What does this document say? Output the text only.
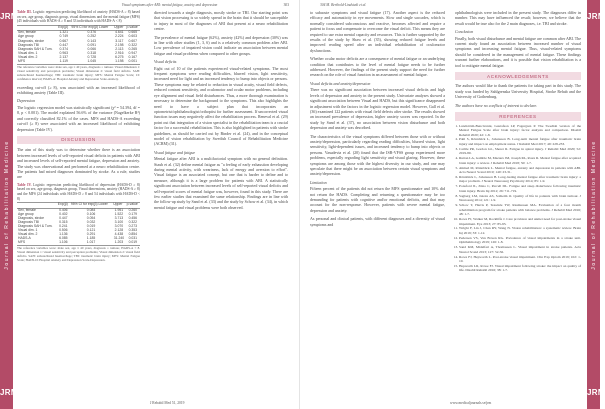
JRM
Journal of Rehabilitation Medicine
JRM
Visual symptoms after ABI: mental fatigue, anxiety and depression	303
Table III. Logistic regression predicting likelihood of anxiety (HADS-A ≥ 8) based on sex, age group, diagnosis group, visual dimensions and the mental fatigue (MFS) (45 individuals with HADS-A ≥ 8 and 33 individuals with HADS-A < 8)
	Exp(β)	95% CI for exp(β) Lower	Upper	p-value
Sex, female	1.321	0.376	4.641	0.665
Age group	0.749	0.252	2.224	0.603
Diagnosis, stroke	0.667	0.143	3.117	0.607
Diagnosis TBI	0.447	0.091	2.198	0.322
Diagnosis SAH & Tum.	0.374	0.066	2.113	0.265
Visual dim. 1	0.963	0.318	2.916	0.947
Visual dim. 2	2.137	0.728	6.275	0.167
MFS	1.119	1.045	1.198	0.001
The reference variables were: male sex, age ≤ 40 years, diagnosis = tumour. Visual dimension 1: visual sensitivity and perception problems; Visual dimension 2: visual field deficits. SAH: subarachnoid haemorrhage; TBI: traumatic brain injury; MFS: Mental Fatigue Scale; CI: confidence interval; HADS-A: Hospital Anxiety and Depression Scale-Anxiety.

exceeding cut-off (≥ 8), was associated with an increased likelihood of exhibiting anxiety (Table III).

Depression

The logistic regression model was statistically significant (χ² = 54.394, df = 8, p < 0.001). The model explained 56.6% of the variance (Nagelkerke R²) and correctly classified 82.1% of the cases. MFS and HADS-A exceeding cut-off (≥ 8) were associated with an increased likelihood of exhibiting depression (Table IV).

DISCUSSION

The aim of this study was to determine whether there is an association between increased levels of self-reported visual deficits in patients with ABI and increased levels of self-reported mental fatigue, depression and anxiety. The study was observational and performed at a neuro rehabilitation centre. The patients had mixed diagnoses dominated by stroke. As a rule, studies are

Table IV. Logistic regression predicting likelihood of depression (HADS-D ≥ 8) based on sex, age group, diagnosis group, Visual dimensions, anxiety (HADS-A ≥ 8) and the MFS (24 individuals with HADS-D ≥ 8 and 54 individuals with HADS-D < 8)
	Exp(β)	95% CI for exp(β) Lower	Upper	p-value
Sex, female	0.406	0.084	1.951	0.260
Age group	0.402	0.106	1.522	0.179
Diagnosis, stroke	0.447	0.054	3.713	0.456
Diagnosis TBI	0.315	0.032	3.100	0.322
Diagnosis SAH & Tum.	0.241	0.019	3.070	0.273
Visual dim. 1	0.506	0.121	2.128	0.353
Visual dim. 2	1.136	0.291	4.438	0.854
HADS-A	6.085	1.185	31.240	0.031
MFS	1.106	1.017	1.203	0.019
The reference variables were: male sex, age ≤ 40 years, diagnosis = tumour, HADS-A < 8. Visual dimension 1: visual sensitivity and perception problems; Visual dimension 2: visual field deficits. SAH: subarachnoid haemorrhage; TBI: traumatic brain injury; MFS: Mental Fatigue Scale; HADS-D: Hospital Anxiety and Depression Scale-Depression.

directed towards a single diagnosis, mostly stroke or TBI. Our starting point was that vision processing is so widely spread in the brain that it should be susceptible to injury in most of the diagnoses of ABI that present at a neuro rehabilitation centre.

The prevalence of mental fatigue (62%), anxiety (42%) and depression (30%) was in line with other studies (1, 3, 6) and is a relatively common problem after ABI. Low prevalence of impaired vision could indicate an association between mental fatigue and visual problems when compared to other groups.

Visual deficits

Eight out of 10 of the patients experienced visual-related symptoms. The most frequent symptoms were reading difficulties, blurred vision, light sensitivity, increased need for light and an increased tendency to bump into objects or persons. These symptoms may be related to reduction in visual acuity, visual field defects, reduced contrast sensitivity, and oculomotor and ocular motor problems, including eye alignment and visual field disturbances. Thus, a more thorough examination is necessary to determine the background to the symptoms. This also highlights the need to have a subject plan that incorporates an optometrist/ophthalmologist/orthoptist for further assessment. If uncorrected visual function issues may negatively affect the rehabilitation process. Reneval et al. (29) point out that integration of a vision specialist in the rehabilitation team is a crucial factor for a successful rehabilitation. This is also highlighted in patients with stroke guidelines, as should be carried out by Binder et al. (24), and in the conceptual model of vision rehabilitation by Swedish Council of Rehabilitation Medicine (ACRM) (31).

Visual fatigue and fatigue

Mental fatigue after ABI is a multifactorial symptom with no general definition. Staub et al. (32) define mental fatigue as "a feeling of early exhaustion developing during mental activity, with weariness, lack of energy and aversion to effort". Visual fatigue is an associated concept, but one that is harder to define and to measure, although it is a large problem for patients with ABI. A statistically significant association between increased levels of self-reported visual deficits and self-reported scores of mental fatigue was, however, found in this study. There are few earlier studies that examined the same relationship. Findings are in line with the follow-up study by Sand et al. (33) and the study by Schow et al. (34), in which mental fatigue and visual problems were both observed.

J Rehabil Med 51, 2019
JRM
Journal of Rehabilitation Medicine
JRM
304 M. Berthold-Lindstedt et al.

to subacute symptoms and visual fatigue (17). Another aspect is the reduced efficacy and automaticity in eye movements. Slow and single saccades, which is normally considered subconscious and reactive, becomes affected and require a patient to focus and compensate to overcome the visual deficit. This means they are required to use extra mental capacity and resources. This is further supported by the results of the study by Shaw et al. (35), showing reduced fatigue levels and improved reading speed after an individual rehabilitation of oculomotor dysfunctions.

Whether ocular motor deficits are a consequence of mental fatigue or an underlying condition that contributes to the level of mental fatigue needs to be further addressed. However, the findings of the present study support the need for further research on the role of visual function in an assessment of mental fatigue.

Visual deficits and anxiety/depression

There was no significant association between increased visual deficits and high levels of depression and anxiety in the present study. Univariate analyses showed a significant association between Visual and HADS, but this significance disappeared in adjustment with the factors in the logistic regression model. However, Gall et al. (36) examined 122 patients with visual field defects after stroke. The results showed an increased prevalence of depression, higher anxiety scores was reported. In the study by Sand et al. (37), no association between vision disturbance and both depression and anxiety was described.

The characteristics of the visual symptoms differed between those with or without anxiety/depression, particularly regarding reading difficulties, blurred vision, light sensitivity, light-dependent issues, and increased tendency to bump into objects or persons. Vasudevia et al. (20) found that the ISR-VFSS group experienced more problems, especially regarding light sensitivity and visual glaring. However, these symptoms are among those with the highest diversity in our study, and one may speculate that there might be an association between certain visual symptoms and anxiety/depression.

Limitation

Fifteen percent of the patients did not return the MFS questionnaire and 10% did not return the HADS. Completing and returning a questionnaire may be too demanding for patients with cognitive and/or emotional deficits, and that may account for the non-response. However, patients with severe mental fatigue, depression and anxiety.

As personal and clinical patients, with different diagnoses and a diversity of visual symptoms and

ophthalmologists were included in the present study. The diagnoses differ in number. This may have influenced the result; however, we believe that the result would be true also for the 2 main diagnoses, i.e. TBI and stroke.

Conclusion

Finally, both visual disturbance and mental fatigue are common after ABI. The current study found an association between increased number of visual symptoms and increasing mental fatigue. Thus, visual-related symptoms should be considered in the management of mental fatigue. These findings warrant further elaborations, and it is possible that vision rehabilitation is a tool to mitigate mental fatigue.

ACKNOWLEDGEMENTS

The authors would like to thank the patients for taking part in this study. The study was funded by Sahlgrenska University Hospital, Stroke Rehab and the University of Gothenburg.

The authors have no conflicts of interest to declare.

REFERENCES
1. Lundström-Bencivenni, Gustafson LP, Fagergren P. The Swedish version of the Mental Fatigue Scale after brain injury: factor analysis and comparison. Disabil Rehabil 2020; 42: 1-8.
2. Pahl S, Rönnbäck L, Johansson B. Long-term mental fatigue after traumatic brain injury and impact on employment status. J Rehabil Med 2017; 49: 228-233.
3. Carlile PR, Gordon GL, Sherer R. Fatigue in spinal injury. J Rehabil Med 2020; 52: 2019-80.
4. Ruttan LA, Gamble M, Mazaux JM, Joseph PA, Roux R. Mental fatigue after acquired brain injury: a review. J Rehabil Med 2018; 50: 1-7.
5. Ahmed M, Rönnbäck L. Mental fatigue, anxiety and depression in patients with ABI. Acta Neurol Scand 2019; 140: 23-31.
6. Rönnbäck L, Johansson B. Long-lasting mental fatigue after traumatic brain injury: a major problem. J Neurol Neurosurg Psychiatry 2014; 85: 1-9.
7. Ponsford JL, Ziino C, Parcell DL. Fatigue and sleep disturbance following traumatic brain injury. Brain Inj 2012; 26: 711-719.
8. Sagberg LM, Jakola AS, Solheim O. Quality of life in patients with brain tumour. J Neurosurg 2014; 121: 1-9.
9. Schow T, Harris P, Teasdale TW, Rasmussen MA. Evaluation of a four month rehabilitation program for stroke patients with balance problems. J Rehabil Med 2016; 48: 1-7.
10. Rowe FJ, Walker M, Rockliffe J. Care provision and unmet need for post-stroke visual impairment. Eye 2013; 27: 85-93.
11. Wright F, Lin J, Chan RY, Wang N. Vision rehabilitation: a systematic review. Brain Inj 2019; 33: 1-12.
12. Pedersen VS, Van Boven RG. Prevalence of visual impairments in a stroke unit. Ophthalmology 2019; 126: 1-8.
13. Sand KM, Midelfart A, Thomassen L. Visual impairment in stroke patients. Acta Neurol Scand 2013; 127: 52-56.
14. Rowe FJ, Hepworth L. Post-stroke visual impairment. Clin Exp Optom 2019; 102: 1-10.
15. Hepworth LR, Rowe FJ. Visual impairment following stroke: the impact on quality of life. Disabil Rehabil 2016; 38: 1-7.
www.medicaljournals.se/jrm
